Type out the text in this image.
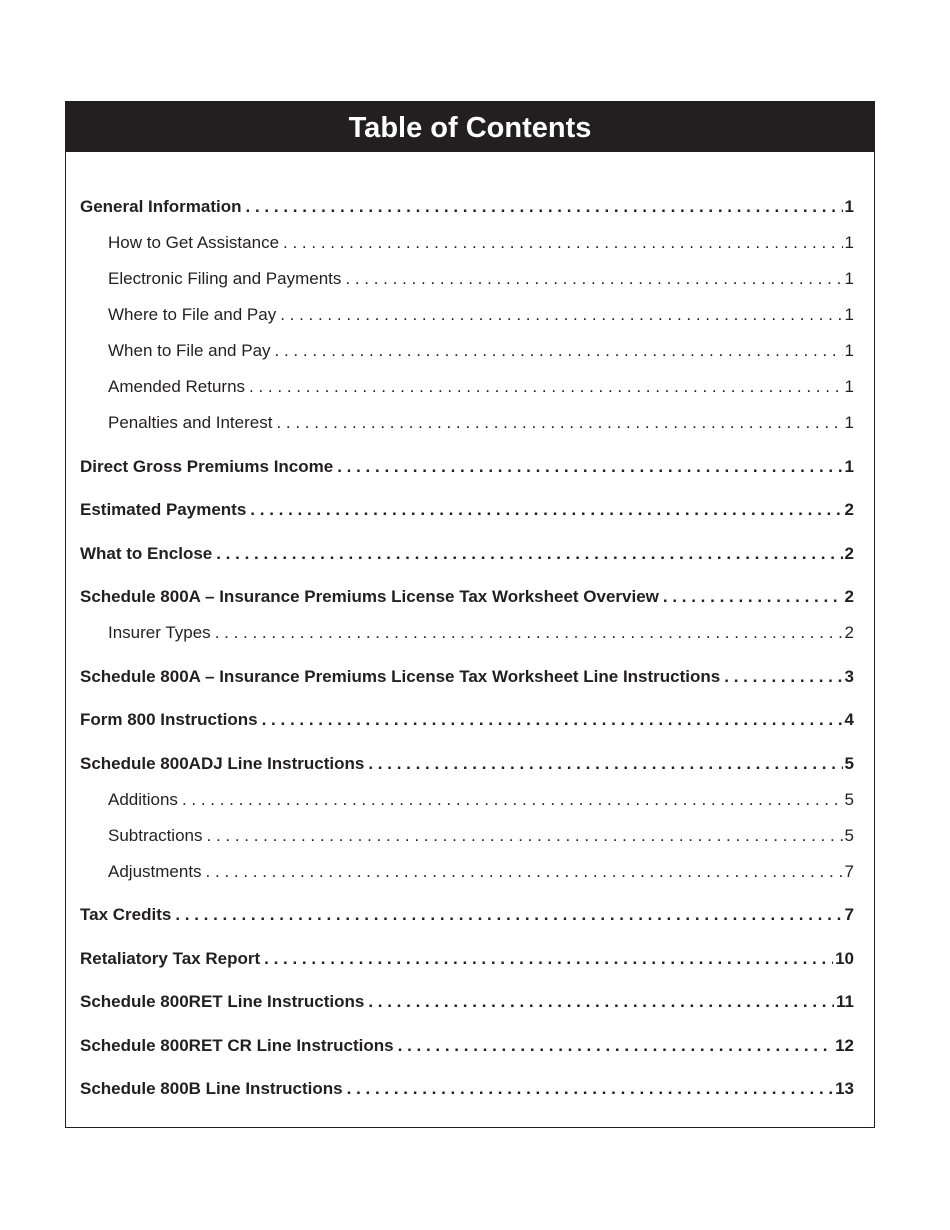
Table of Contents
General Information . . .	1
How to Get Assistance . . .	1
Electronic Filing and Payments . . .	1
Where to File and Pay . . .	1
When to File and Pay . . .	1
Amended Returns . . .	1
Penalties and Interest . . .	1
Direct Gross Premiums Income . . .	1
Estimated Payments . . .	2
What to Enclose . . .	2
Schedule 800A – Insurance Premiums License Tax Worksheet Overview . . .	2
Insurer Types . . .	2
Schedule 800A – Insurance Premiums License Tax Worksheet Line Instructions . . .	3
Form 800 Instructions . . .	4
Schedule 800ADJ Line Instructions . . .	5
Additions . . .	5
Subtractions . . .	5
Adjustments . . .	7
Tax Credits . . .	7
Retaliatory Tax Report . . .	10
Schedule 800RET Line Instructions . . .	11
Schedule 800RET CR Line Instructions . . .	12
Schedule 800B Line Instructions . . .	13
